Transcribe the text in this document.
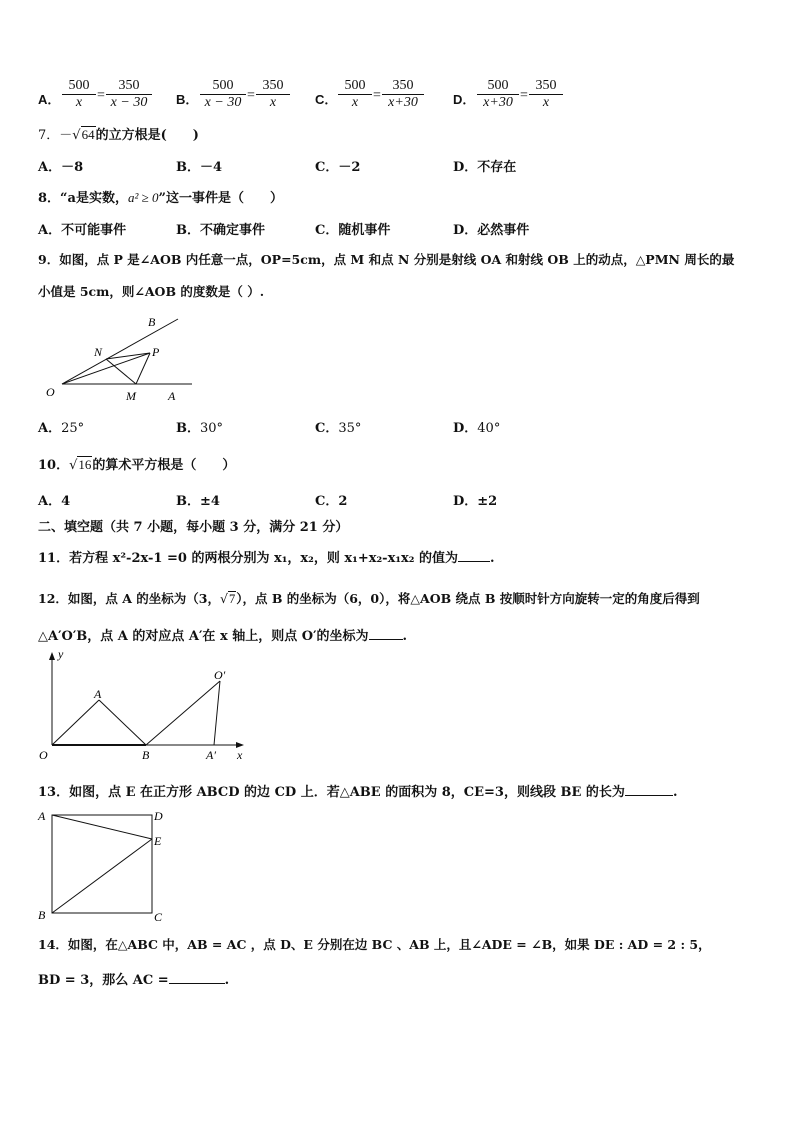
A． $\frac{500}{x} = \frac{350}{x - 30}$ B． $\frac{500}{x - 30} = \frac{350}{x}$ C． $\frac{500}{x} = \frac{350}{x+30}$ D． $\frac{500}{x+30} = \frac{350}{x}$
7．－√64的立方根是(　　)
A．－8	B．－4	C．－2	D．不存在
8．“a是实数，a² ≥ 0”这一事件是（　　）
A．不可能事件	B．不确定事件	C．随机事件	D．必然事件
9．如图，点 P 是∠AOB 内任意一点，OP=5cm，点 M 和点 N 分别是射线 OA 和射线 OB 上的动点，△PMN 周长的最
小值是 5cm，则∠AOB 的度数是（ ）.
B
N	P
O	M	A
A．25°	B．30°	C．35°	D．40°
10．√16的算术平方根是（　　）
A．4	B．±4	C．2	D．±2
二、填空题（共 7 小题，每小题 3 分，满分 21 分）
11．若方程 x²-2x-1 =0 的两根分别为 x₁，x₂，则 x₁+x₂-x₁x₂ 的值为 .
12．如图，点 A 的坐标为（3，√7），点 B 的坐标为（6，0），将△AOB 绕点 B 按顺时针方向旋转一定的角度后得到
△A′O′B，点 A 的对应点 A′在 x 轴上，则点 O′的坐标为	.
y
x
O
A
B
O′
A′
13．如图，点 E 在正方形 ABCD 的边 CD 上．若△ABE 的面积为 8，CE=3，则线段 BE 的长为	.
A	D
E
B	C
14．如图，在△ABC 中，AB = AC ，点 D、E 分别在边 BC 、AB 上，且∠ADE = ∠B，如果 DE : AD = 2 : 5，
BD = 3，那么 AC =	.
